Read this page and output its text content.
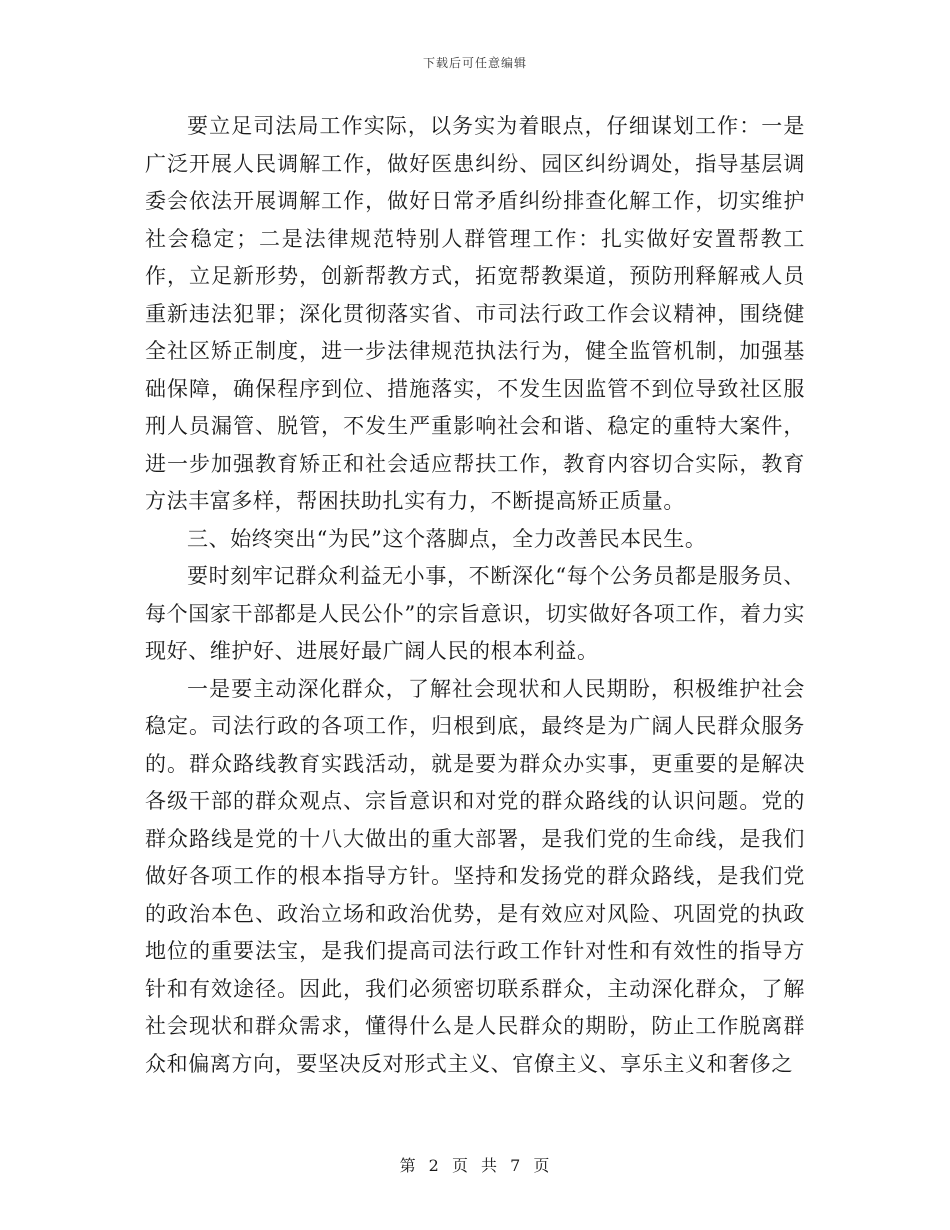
下载后可任意编辑

要立足司法局工作实际，以务实为着眼点，仔细谋划工作：一是广泛开展人民调解工作，做好医患纠纷、园区纠纷调处，指导基层调委会依法开展调解工作，做好日常矛盾纠纷排查化解工作，切实维护社会稳定；二是法律规范特别人群管理工作：扎实做好安置帮教工作，立足新形势，创新帮教方式，拓宽帮教渠道，预防刑释解戒人员重新违法犯罪；深化贯彻落实省、市司法行政工作会议精神，围绕健全社区矫正制度，进一步法律规范执法行为，健全监管机制，加强基础保障，确保程序到位、措施落实，不发生因监管不到位导致社区服刑人员漏管、脱管，不发生严重影响社会和谐、稳定的重特大案件，进一步加强教育矫正和社会适应帮扶工作，教育内容切合实际，教育方法丰富多样，帮困扶助扎实有力，不断提高矫正质量。

三、始终突出“为民”这个落脚点，全力改善民本民生。

要时刻牢记群众利益无小事，不断深化“每个公务员都是服务员、每个国家干部都是人民公仆”的宗旨意识，切实做好各项工作，着力实现好、维护好、进展好最广阔人民的根本利益。

一是要主动深化群众，了解社会现状和人民期盼，积极维护社会稳定。司法行政的各项工作，归根到底，最终是为广阔人民群众服务的。群众路线教育实践活动，就是要为群众办实事，更重要的是解决各级干部的群众观点、宗旨意识和对党的群众路线的认识问题。党的群众路线是党的十八大做出的重大部署，是我们党的生命线，是我们做好各项工作的根本指导方针。坚持和发扬党的群众路线，是我们党的政治本色、政治立场和政治优势，是有效应对风险、巩固党的执政地位的重要法宝，是我们提高司法行政工作针对性和有效性的指导方针和有效途径。因此，我们必须密切联系群众，主动深化群众，了解社会现状和群众需求，懂得什么是人民群众的期盼，防止工作脱离群众和偏离方向，要坚决反对形式主义、官僚主义、享乐主义和奢侈之

第 2 页 共 7 页
